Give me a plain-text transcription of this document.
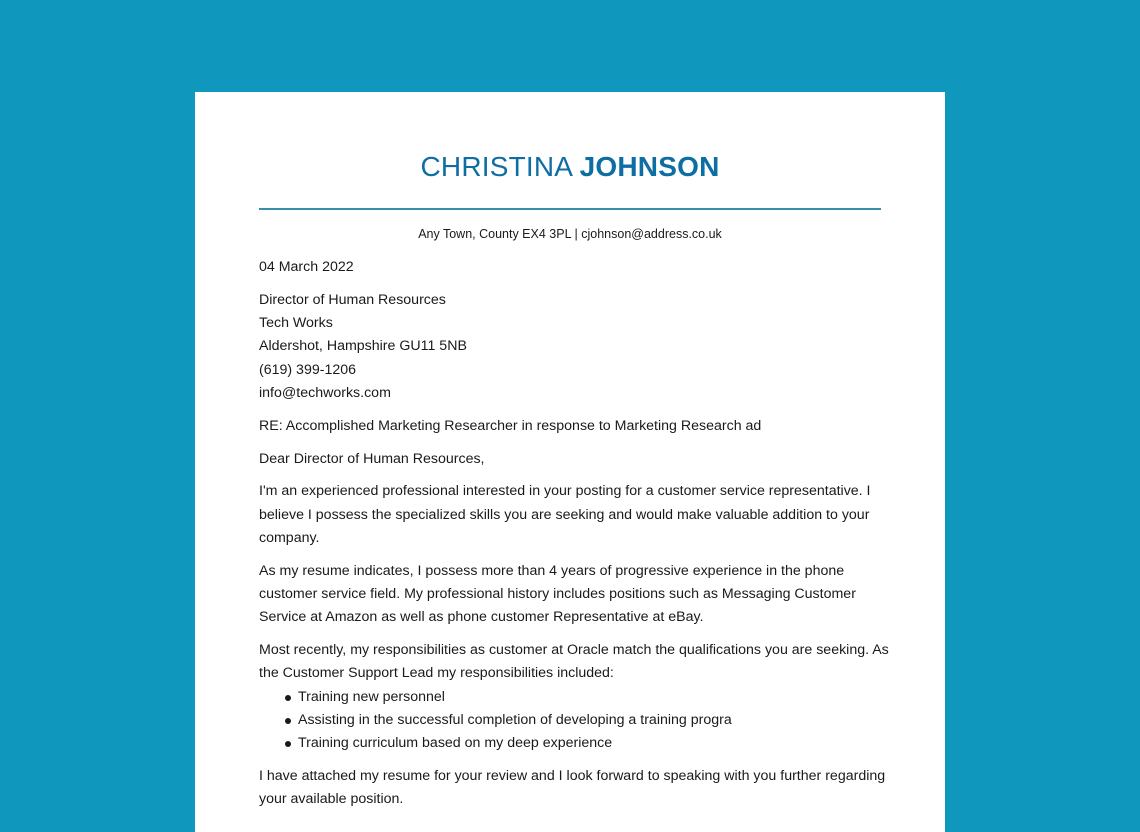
CHRISTINA JOHNSON
Any Town, County EX4 3PL | cjohnson@address.co.uk

04 March 2022

Director of Human Resources
Tech Works
Aldershot, Hampshire GU11 5NB
(619) 399-1206
info@techworks.com

RE: Accomplished Marketing Researcher in response to Marketing Research ad

Dear Director of Human Resources,

I'm an experienced professional interested in your posting for a customer service representative. I believe I possess the specialized skills you are seeking and would make valuable addition to your company.

As my resume indicates, I possess more than 4 years of progressive experience in the phone customer service field. My professional history includes positions such as Messaging Customer Service at Amazon as well as phone customer Representative at eBay.

Most recently, my responsibilities as customer at Oracle match the qualifications you are seeking. As the Customer Support Lead my responsibilities included:

Training new personnel
Assisting in the successful completion of developing a training progra
Training curriculum based on my deep experience

I have attached my resume for your review and I look forward to speaking with you further regarding your available position.
